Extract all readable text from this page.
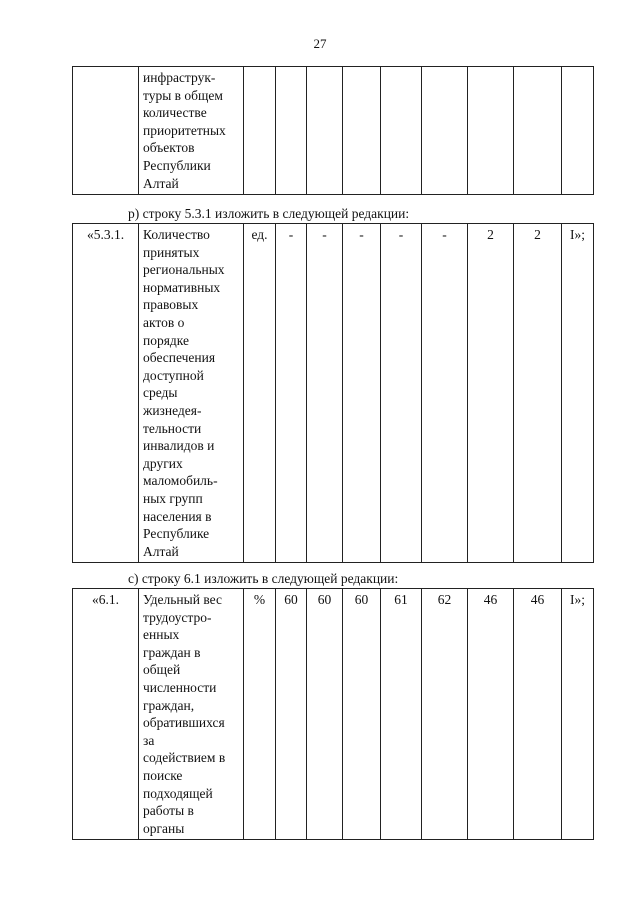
27

инфраструк-
туры в общем
количестве
приоритетных
объектов
Республики
Алтай

р) строку 5.3.1 изложить в следующей редакции:
«5.3.1.	Количество
принятых
региональных
нормативных
правовых
актов о
порядке
обеспечения
доступной
среды
жизнедея-
тельности
инвалидов и
других
маломобиль-
ных групп
населения в
Республике
Алтай
	ед.	-	-	-	-	-	2	2	I»;
с) строку 6.1 изложить в следующей редакции:
«6.1.	Удельный вес
трудоустро-
енных
граждан в
общей
численности
граждан,
обратившихся
за
содействием в
поиске
подходящей
работы в
органы
	%	60	60	60	61	62	46	46	I»;
